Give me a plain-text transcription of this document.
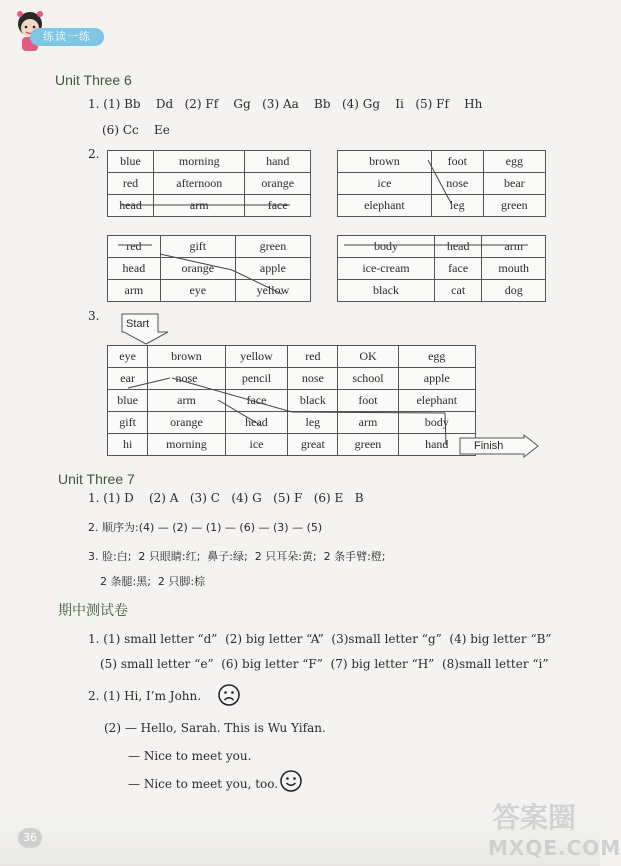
练读一练
Unit Three 6
1. (1) Bb    Dd   (2) Ff    Gg   (3) Aa    Bb   (4) Gg    Ii   (5) Ff    Hh
(6) Cc    Ee
2. blue	morning	hand
red	afternoon	orange
head	arm	face
brown	foot	egg
ice	nose	bear
elephant	leg	green
red	gift	green
head	orange	apple
arm	eye	yellow
body	head	arm
ice-cream	face	mouth
black	cat	dog
3.
Start
eye	brown	yellow	red	OK	egg
ear	nose	pencil	nose	school	apple
blue	arm	face	black	foot	elephant
gift	orange	head	leg	arm	body
hi	morning	ice	great	green	hand Finish
Unit Three 7
1. (1) D    (2) A   (3) C   (4) G   (5) F   (6) E   B
2. 顺序为:(4) — (2) — (1) — (6) — (3) — (5)
3. 脸:白;  2 只眼睛:红;  鼻子:绿;  2 只耳朵:黄;  2 条手臂:橙;
2 条腿:黑;  2 只脚:棕
期中测试卷
1. (1) small letter “d”  (2) big letter “A”  (3)small letter “g”  (4) big letter “B”
(5) small letter “e”  (6) big letter “F”  (7) big letter “H”  (8)small letter “i”
2. (1) Hi, I’m John.
(2) — Hello, Sarah. This is Wu Yifan.
— Nice to meet you.
— Nice to meet you, too.
36
答案圈
MXQE.COM
